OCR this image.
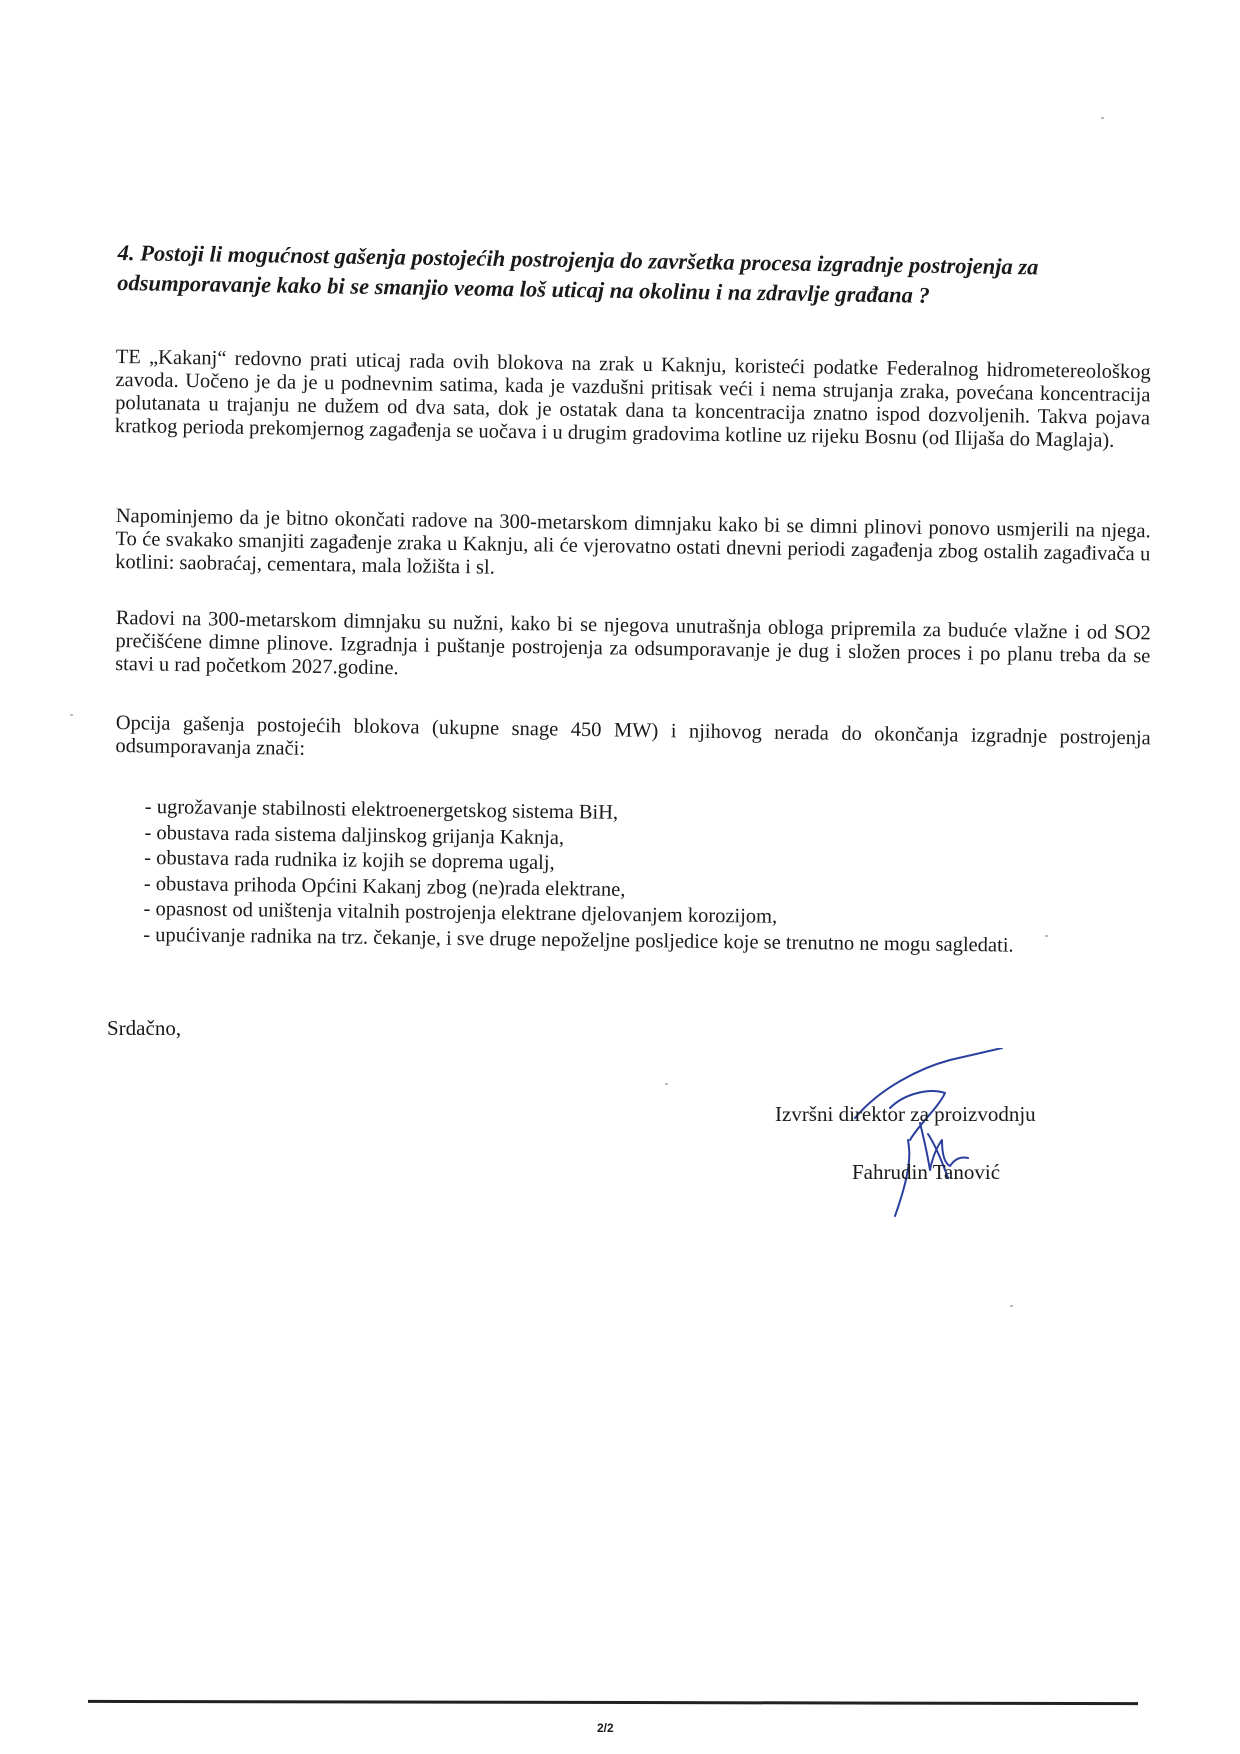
4. Postoji li mogućnost gašenja postojećih postrojenja do završetka procesa izgradnje postrojenja za
odsumporavanje kako bi se smanjio veoma loš uticaj na okolinu i na zdravlje građana ?
TE „Kakanj“ redovno prati uticaj rada ovih blokova na zrak u Kaknju, koristeći podatke Federalnog hidrometereološkog zavoda. Uočeno je da je u podnevnim satima, kada je vazdušni pritisak veći i nema strujanja zraka, povećana koncentracija polutanata u trajanju ne dužem od dva sata, dok je ostatak dana ta koncentracija znatno ispod dozvoljenih. Takva pojava kratkog perioda prekomjernog zagađenja se uočava i u drugim gradovima kotline uz rijeku Bosnu (od Ilijaša do Maglaja).
Napominjemo da je bitno okončati radove na 300-metarskom dimnjaku kako bi se dimni plinovi ponovo usmjerili na njega. To će svakako smanjiti zagađenje zraka u Kaknju, ali će vjerovatno ostati dnevni periodi zagađenja zbog ostalih zagađivača u kotlini: saobraćaj, cementara, mala ložišta i sl.
Radovi na 300-metarskom dimnjaku su nužni, kako bi se njegova unutrašnja obloga pripremila za buduće vlažne i od SO2 prečišćene dimne plinove. Izgradnja i puštanje postrojenja za odsumporavanje je dug i složen proces i po planu treba da se stavi u rad početkom 2027.godine.
Opcija gašenja postojećih blokova (ukupne snage 450 MW) i njihovog nerada do okončanja izgradnje postrojenja odsumporavanja znači:
- ugrožavanje stabilnosti elektroenergetskog sistema BiH,
- obustava rada sistema daljinskog grijanja Kaknja,
- obustava rada rudnika iz kojih se doprema ugalj,
- obustava prihoda Općini Kakanj zbog (ne)rada elektrane,
- opasnost od uništenja vitalnih postrojenja elektrane djelovanjem korozijom,
- upućivanje radnika na trz. čekanje, i sve druge nepoželjne posljedice koje se trenutno ne mogu sagledati.
Srdačno,
Izvršni direktor za proizvodnju
Fahrudin Tanović
2/2
